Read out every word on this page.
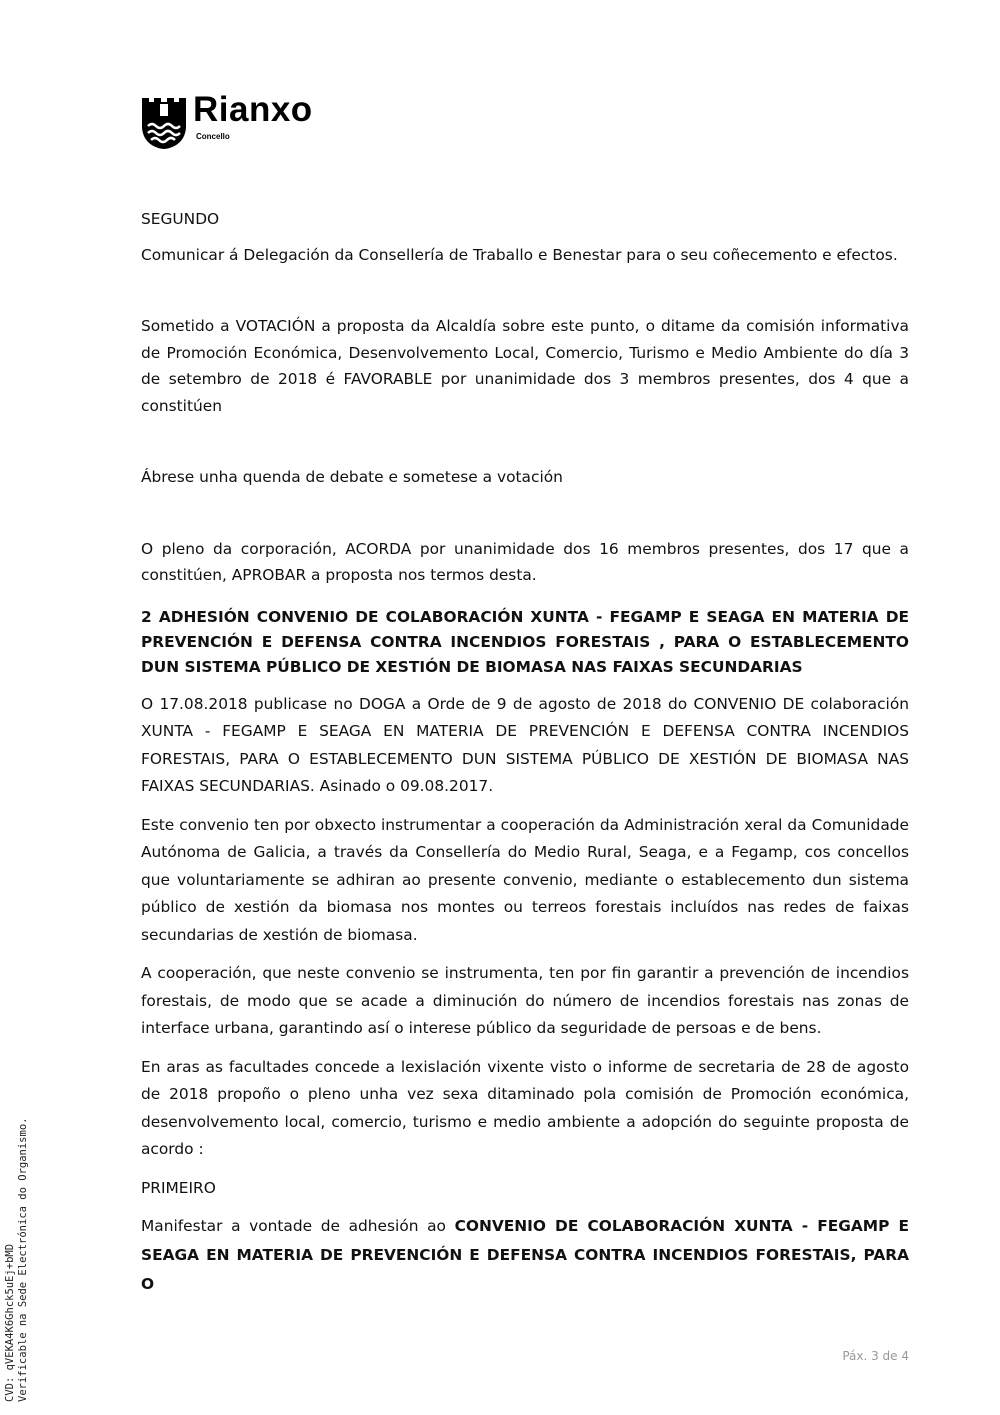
Rianxo
Concello

SEGUNDO

Comunicar á Delegación da Consellería de Traballo e Benestar para o seu coñecemento e efectos.

Sometido a VOTACIÓN a proposta da Alcaldía sobre este punto, o ditame da comisión informativa de Promoción Económica, Desenvolvemento Local, Comercio, Turismo e Medio Ambiente do día 3 de setembro de 2018 é FAVORABLE por unanimidade dos 3 membros presentes, dos 4 que a constitúen

Ábrese unha quenda de debate e sometese a votación

O pleno da corporación, ACORDA por unanimidade dos 16 membros presentes, dos 17 que a constitúen, APROBAR a proposta nos termos desta.

2 ADHESIÓN CONVENIO DE COLABORACIÓN XUNTA - FEGAMP E SEAGA EN MATERIA DE PREVENCIÓN E DEFENSA CONTRA INCENDIOS FORESTAIS , PARA O ESTABLECEMENTO DUN SISTEMA PÚBLICO DE XESTIÓN DE BIOMASA NAS FAIXAS SECUNDARIAS

O 17.08.2018 publicase no DOGA a Orde de 9 de agosto de 2018 do CONVENIO DE colaboración XUNTA - FEGAMP E SEAGA EN MATERIA DE PREVENCIÓN E DEFENSA CONTRA INCENDIOS FORESTAIS, PARA O ESTABLECEMENTO DUN SISTEMA PÚBLICO DE XESTIÓN DE BIOMASA NAS FAIXAS SECUNDARIAS. Asinado o 09.08.2017.

Este convenio ten por obxecto instrumentar a cooperación da Administración xeral da Comunidade Autónoma de Galicia, a través da Consellería do Medio Rural, Seaga, e a Fegamp, cos concellos que voluntariamente se adhiran ao presente convenio, mediante o establecemento dun sistema público de xestión da biomasa nos montes ou terreos forestais incluídos nas redes de faixas secundarias de xestión de biomasa.

A cooperación, que neste convenio se instrumenta, ten por fin garantir a prevención de incendios forestais, de modo que se acade a diminución do número de incendios forestais nas zonas de interface urbana, garantindo así o interese público da seguridade de persoas e de bens.

En aras as facultades concede a lexislación vixente visto o informe de secretaria de 28 de agosto de 2018 propoño o pleno unha vez sexa ditaminado pola comisión de Promoción económica, desenvolvemento local, comercio, turismo e medio ambiente a adopción do seguinte proposta de acordo :

PRIMEIRO

Manifestar a vontade de adhesión ao CONVENIO DE COLABORACIÓN XUNTA - FEGAMP E SEAGA EN MATERIA DE PREVENCIÓN E DEFENSA CONTRA INCENDIOS FORESTAIS, PARA O

CVD: qVEKA4K6Ghck5uEj+bMD Verificable na Sede Electrónica do Organismo.	Páx. 3 de 4
